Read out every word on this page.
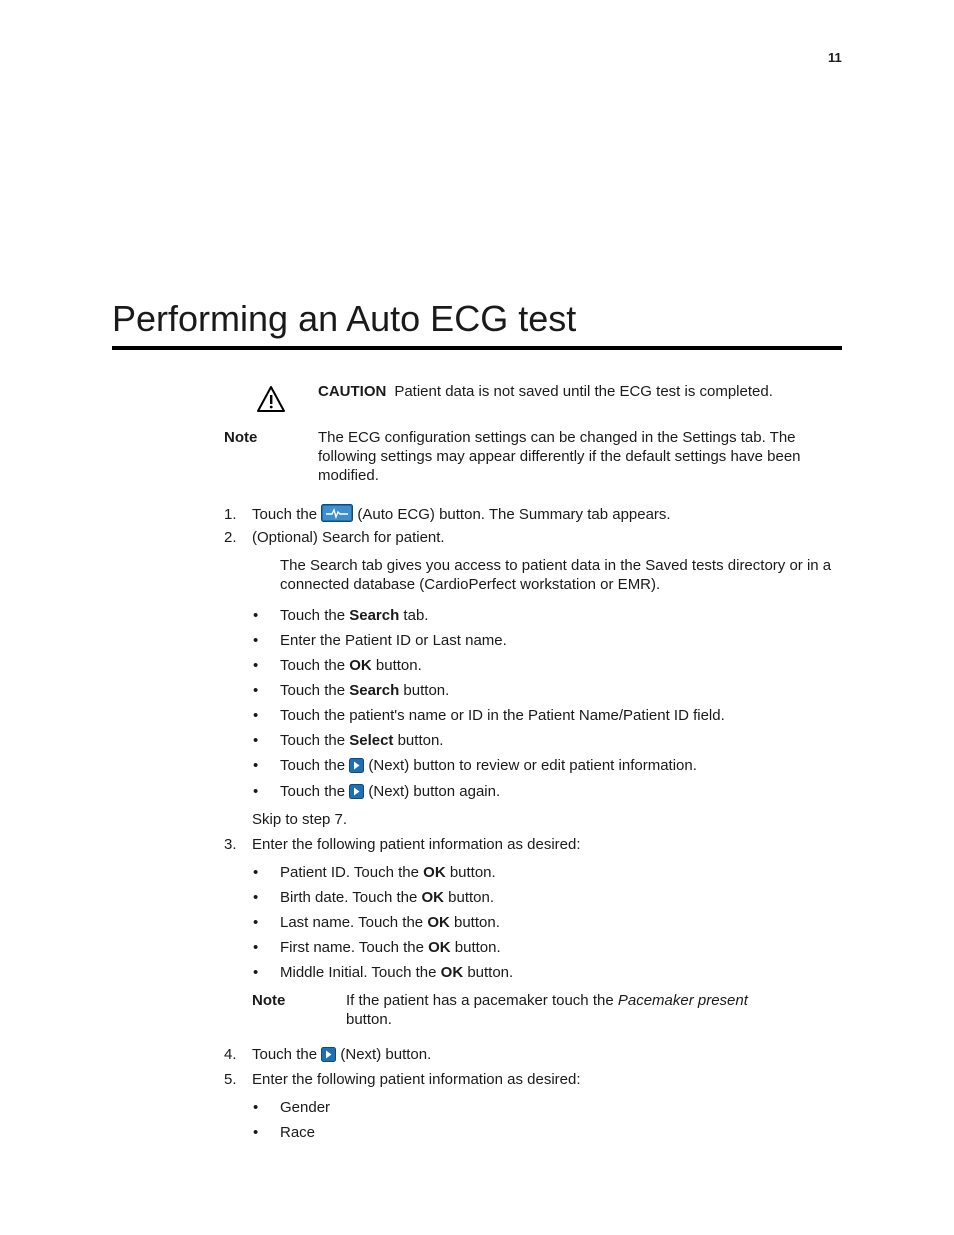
11
Performing an Auto ECG test
CAUTION Patient data is not saved until the ECG test is completed.
Note	The ECG configuration settings can be changed in the Settings tab. The following settings may appear differently if the default settings have been modified.
1. Touch the	(Auto ECG) button. The Summary tab appears.
2. (Optional) Search for patient.
The Search tab gives you access to patient data in the Saved tests directory or in a connected database (CardioPerfect workstation or EMR).
• Touch the Search tab.
• Enter the Patient ID or Last name.
• Touch the OK button.
• Touch the Search button.
• Touch the patient's name or ID in the Patient Name/Patient ID field.
• Touch the Select button.
• Touch the (Next) button to review or edit patient information.
• Touch the (Next) button again.
Skip to step 7.
3. Enter the following patient information as desired:
• Patient ID. Touch the OK button.
• Birth date. Touch the OK button.
• Last name. Touch the OK button.
• First name. Touch the OK button.
• Middle Initial. Touch the OK button.
Note	If the patient has a pacemaker touch the Pacemaker present button.
4. Touch the (Next) button.
5. Enter the following patient information as desired:
• Gender
• Race
